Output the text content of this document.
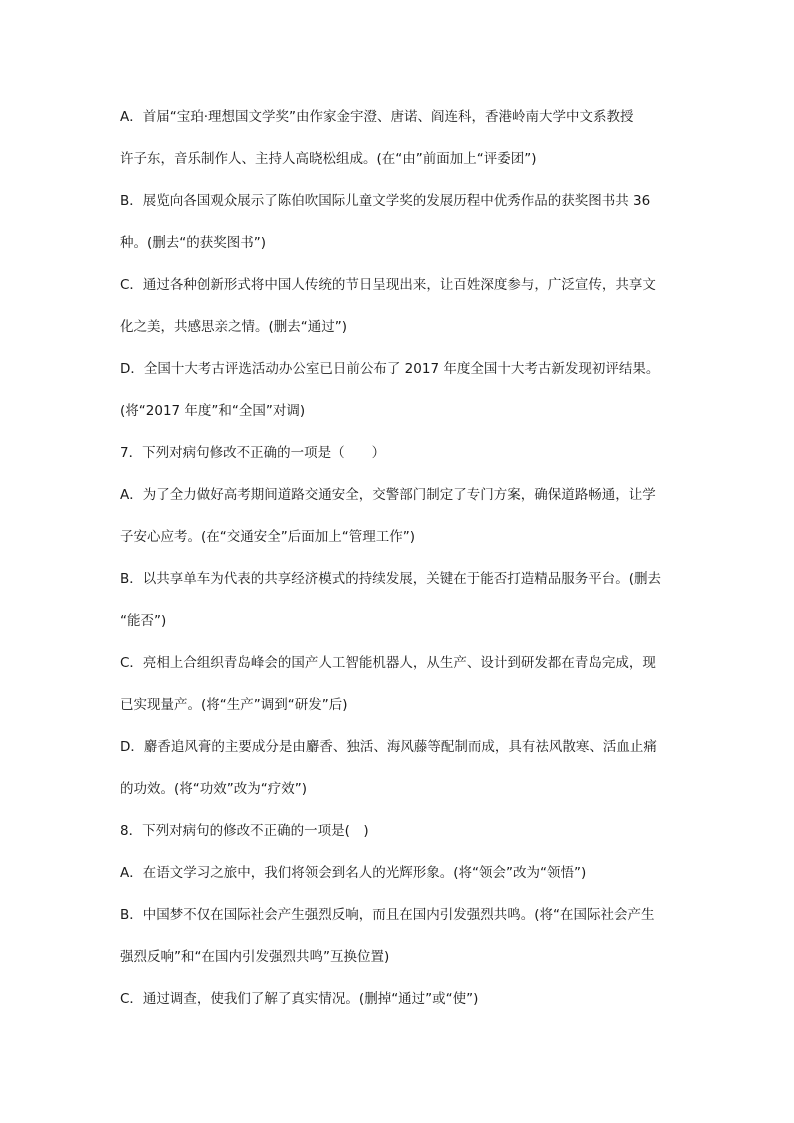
A．首届“宝珀·理想国文学奖”由作家金宇澄、唐诺、阎连科，香港岭南大学中文系教授
许子东，音乐制作人、主持人高晓松组成。(在“由”前面加上“评委团”)
B．展览向各国观众展示了陈伯吹国际儿童文学奖的发展历程中优秀作品的获奖图书共 36
种。(删去“的获奖图书”)
C．通过各种创新形式将中国人传统的节日呈现出来，让百姓深度参与，广泛宣传，共享文
化之美，共感思亲之情。(删去“通过”)
D．全国十大考古评选活动办公室已日前公布了 2017 年度全国十大考古新发现初评结果。
(将“2017 年度”和“全国”对调)
7．下列对病句修改不正确的一项是（　　）
A．为了全力做好高考期间道路交通安全，交警部门制定了专门方案，确保道路畅通，让学
子安心应考。(在“交通安全”后面加上“管理工作”)
B．以共享单车为代表的共享经济模式的持续发展，关键在于能否打造精品服务平台。(删去
“能否”)
C．亮相上合组织青岛峰会的国产人工智能机器人，从生产、设计到研发都在青岛完成，现
已实现量产。(将“生产”调到“研发”后)
D．麝香追风膏的主要成分是由麝香、独活、海风藤等配制而成，具有祛风散寒、活血止痛
的功效。(将“功效”改为“疗效”)
8．下列对病句的修改不正确的一项是(　)
A．在语文学习之旅中，我们将领会到名人的光辉形象。(将“领会”改为“领悟”)
B．中国梦不仅在国际社会产生强烈反响，而且在国内引发强烈共鸣。(将“在国际社会产生
强烈反响”和“在国内引发强烈共鸣”互换位置)
C．通过调查，使我们了解了真实情况。(删掉“通过”或“使”)
